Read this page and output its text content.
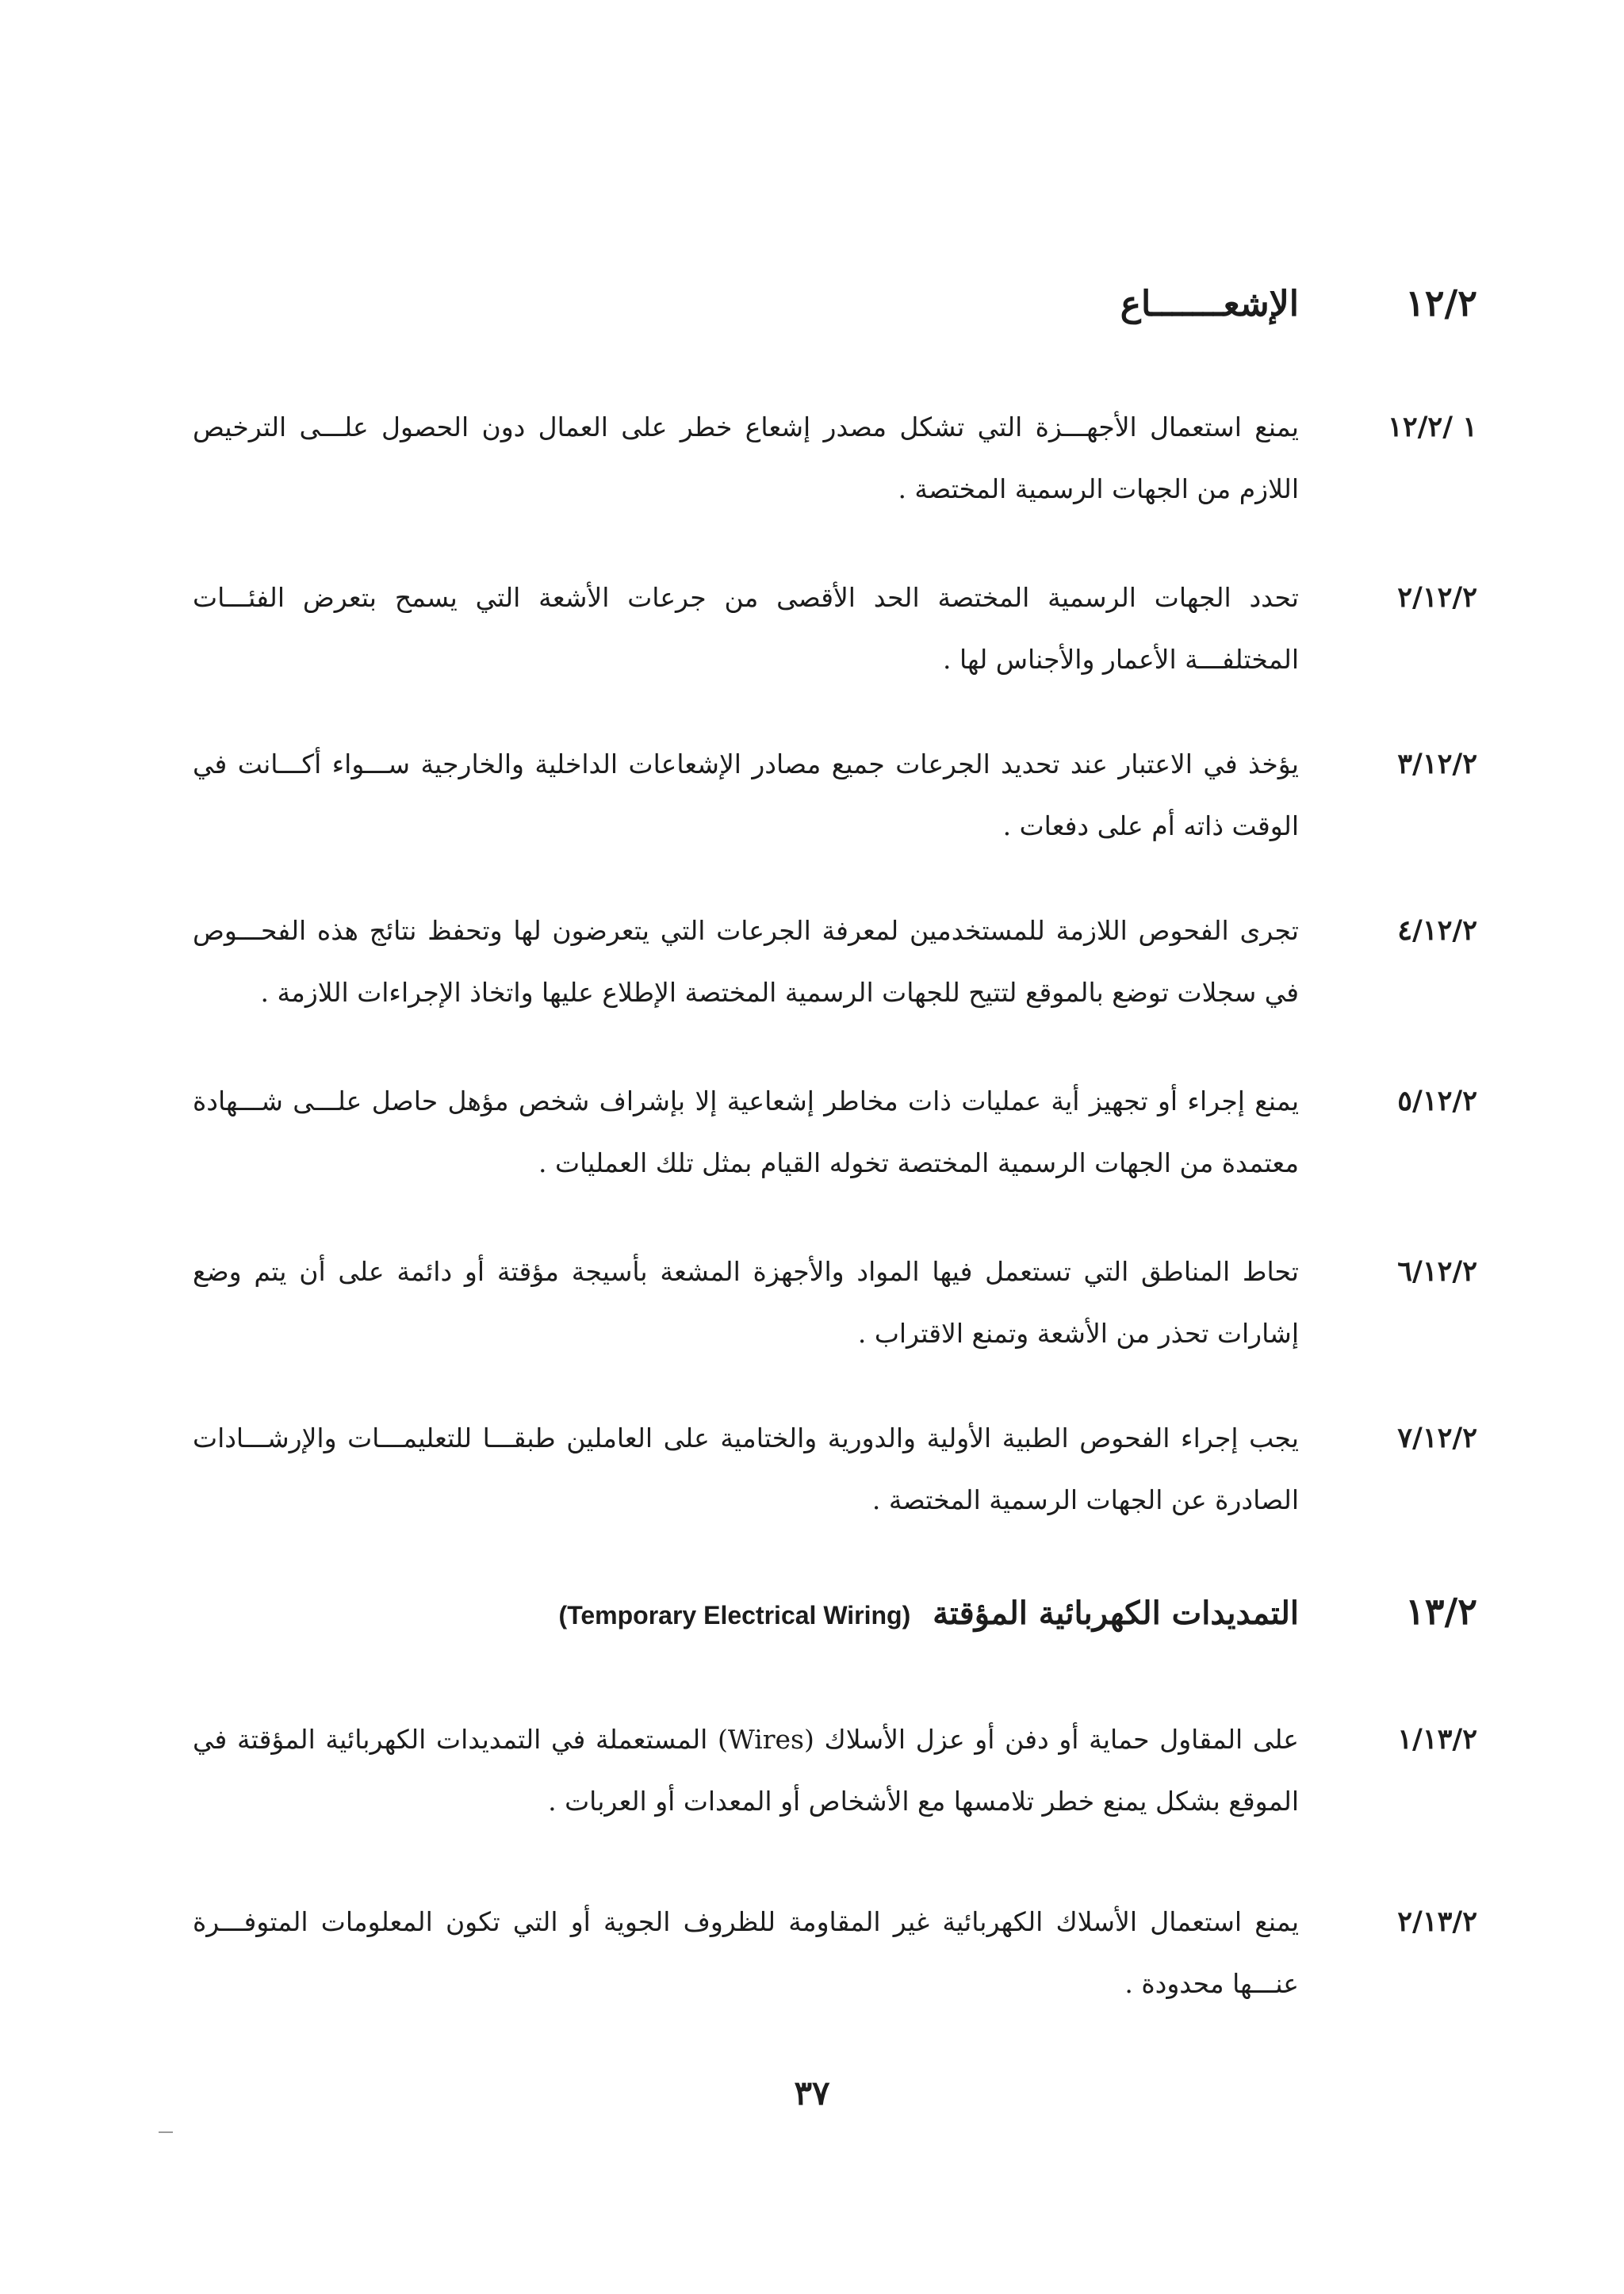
١٢/٢
الإشعـــــــاع
١ /١٢/٢
يمنع استعمال الأجهـــزة التي تشكل مصدر إشعاع خطر على العمال دون الحصول علـــى الترخيص اللازم من الجهات الرسمية المختصة .
٢/١٢/٢
تحدد الجهات الرسمية المختصة الحد الأقصى من جرعات الأشعة التي يسمح بتعرض الفئـــات المختلفـــة الأعمار والأجناس لها .
٣/١٢/٢
يؤخذ في الاعتبار عند تحديد الجرعات جميع مصادر الإشعاعات الداخلية والخارجية ســـواء أكـــانت في الوقت ذاته أم على دفعات .
٤/١٢/٢
تجرى الفحوص اللازمة للمستخدمين لمعرفة الجرعات التي يتعرضون لها وتحفظ نتائج هذه الفحـــوص في سجلات توضع بالموقع لتتيح للجهات الرسمية المختصة الإطلاع عليها واتخاذ الإجراءات اللازمة .
٥/١٢/٢
يمنع إجراء أو تجهيز أية عمليات ذات مخاطر إشعاعية إلا بإشراف شخص مؤهل حاصل علـــى شـــهادة معتمدة من الجهات الرسمية المختصة تخوله القيام بمثل تلك العمليات .
٦/١٢/٢
تحاط المناطق التي تستعمل فيها المواد والأجهزة المشعة بأسيجة مؤقتة أو دائمة على أن يتم وضع إشارات تحذر من الأشعة وتمنع الاقتراب .
٧/١٢/٢
يجب إجراء الفحوص الطبية الأولية والدورية والختامية على العاملين طبقـــا للتعليمـــات والإرشـــادات الصادرة عن الجهات الرسمية المختصة .
١٣/٢
التمديدات الكهربائية المؤقتة (Temporary Electrical Wiring)
١/١٣/٢
على المقاول حماية أو دفن أو عزل الأسلاك (Wires) المستعملة في التمديدات الكهربائية المؤقتة في الموقع بشكل يمنع خطر تلامسها مع الأشخاص أو المعدات أو العربات .
٢/١٣/٢
يمنع استعمال الأسلاك الكهربائية غير المقاومة للظروف الجوية أو التي تكون المعلومات المتوفـــرة عنـــها محدودة .
٣٧
